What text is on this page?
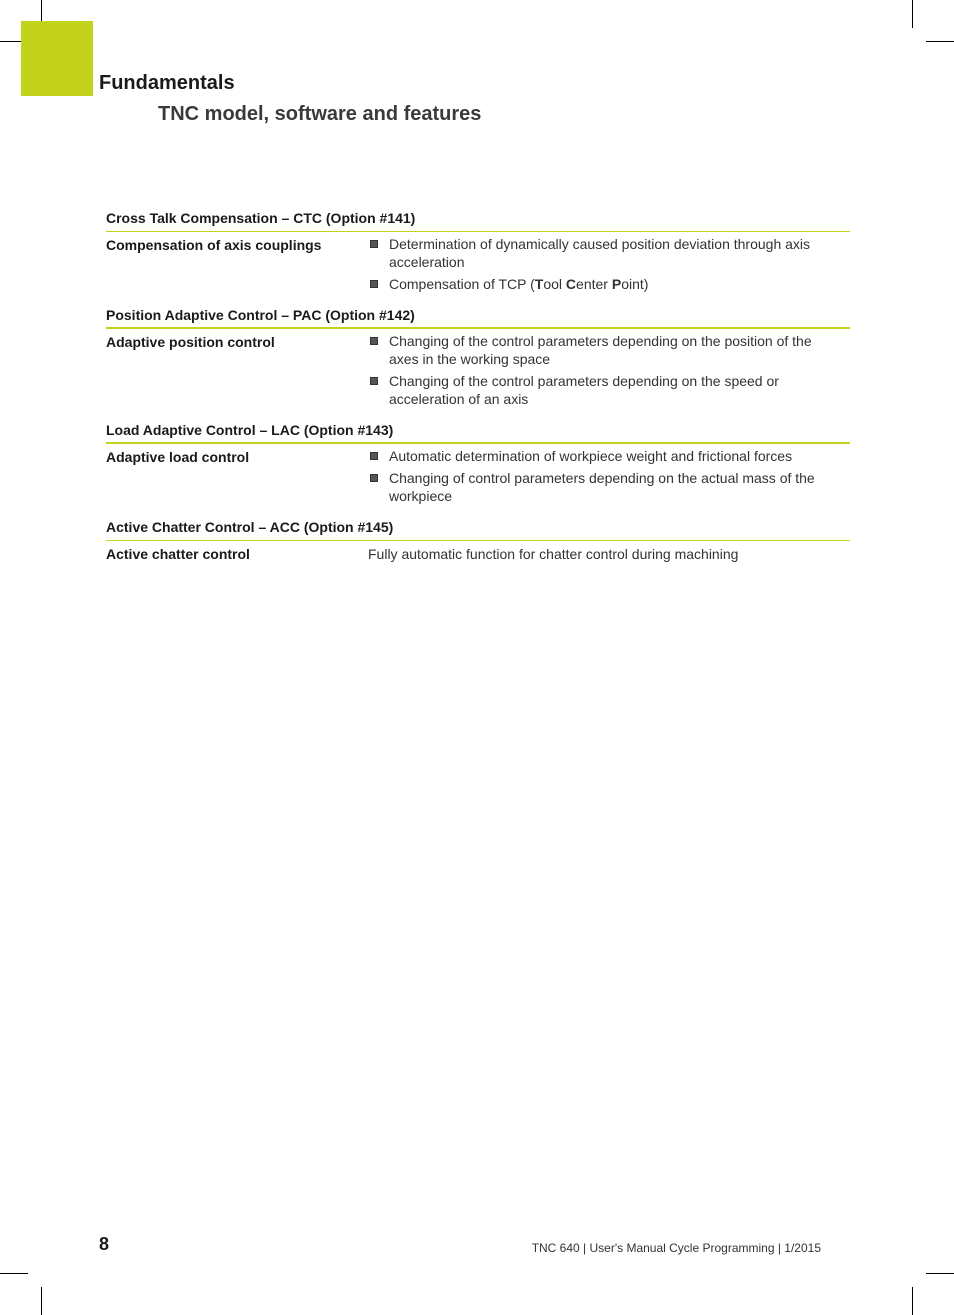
Fundamentals
TNC model, software and features
Cross Talk Compensation – CTC (Option #141)
Compensation of axis couplings	Determination of dynamically caused position deviation through axis acceleration
Compensation of TCP (Tool Center Point)
Position Adaptive Control – PAC (Option #142)
Adaptive position control	Changing of the control parameters depending on the position of the axes in the working space
Changing of the control parameters depending on the speed or acceleration of an axis
Load Adaptive Control – LAC (Option #143)
Adaptive load control	Automatic determination of workpiece weight and frictional forces
Changing of control parameters depending on the actual mass of the workpiece
Active Chatter Control – ACC (Option #145)
Active chatter control	Fully automatic function for chatter control during machining
8	TNC 640 | User's Manual Cycle Programming | 1/2015
